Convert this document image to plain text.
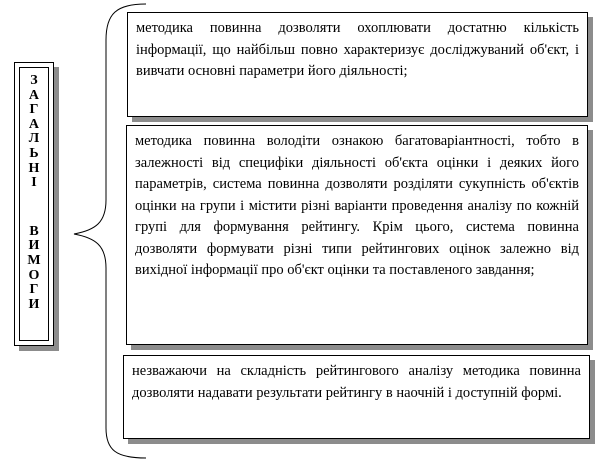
З
А
Г
А
Л
Ь
Н
І
В
И
М
О
Г
И
методика повинна дозволяти охоплювати достатню кількість інформації, що найбільш повно характеризує досліджуваний об'єкт, і вивчати основні параметри його діяльності;
методика повинна володіти ознакою багатоваріантності, тобто в залежності від специфіки діяльності об'єкта оцінки і деяких його параметрів, система повинна дозволяти розділяти сукупність об'єктів оцінки на групи і містити різні варіанти проведення аналізу по кожній групі для формування рейтингу. Крім цього, система повинна дозволяти формувати різні типи рейтингових оцінок залежно від вихідної інформації про об'єкт оцінки та поставленого завдання;
незважаючи на складність рейтингового аналізу методика повинна дозволяти надавати результати рейтингу в наочній і доступній формі.
